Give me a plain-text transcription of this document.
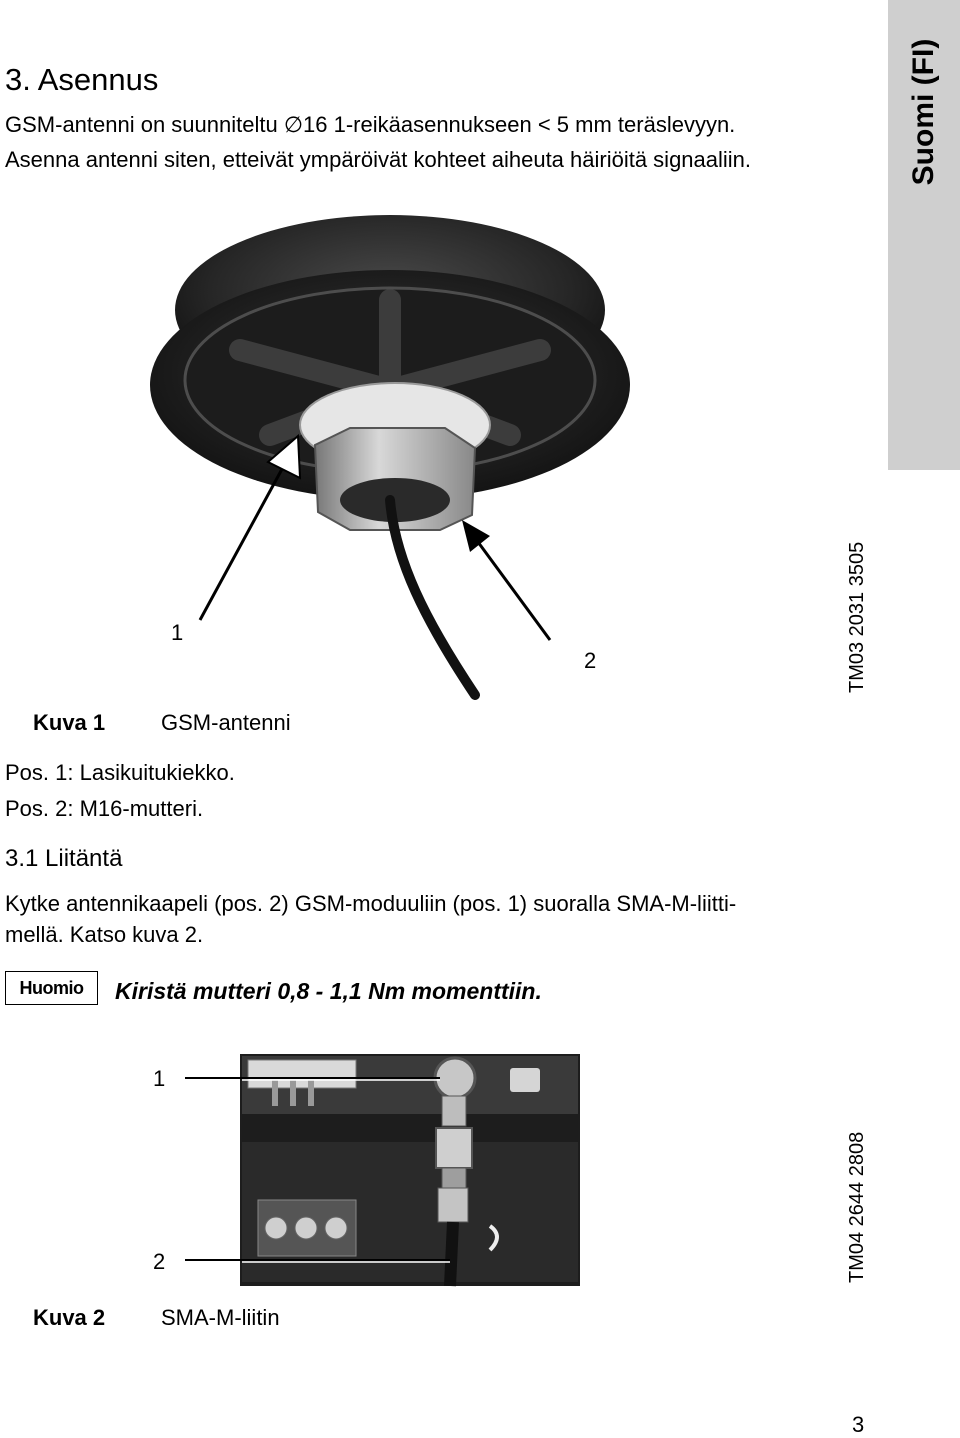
Suomi (FI)
3. Asennus
GSM-antenni on suunniteltu ∅16 1-reikäasennukseen < 5 mm teräslevyyn.
Asenna antenni siten, etteivät ympäröivät kohteet aiheuta häiriöitä signaaliin.
1
2	TM03 2031 3505
Kuva 1	GSM-antenni
Pos. 1: Lasikuitukiekko.
Pos. 2: M16-mutteri.
3.1 Liitäntä
Kytke antennikaapeli (pos. 2) GSM-moduuliin (pos. 1) suoralla SMA-M-liitti-
mellä. Katso kuva 2.
Huomio	Kiristä mutteri 0,8 - 1,1 Nm momenttiin.
1
2	TM04 2644 2808
Kuva 2	SMA-M-liitin
3
